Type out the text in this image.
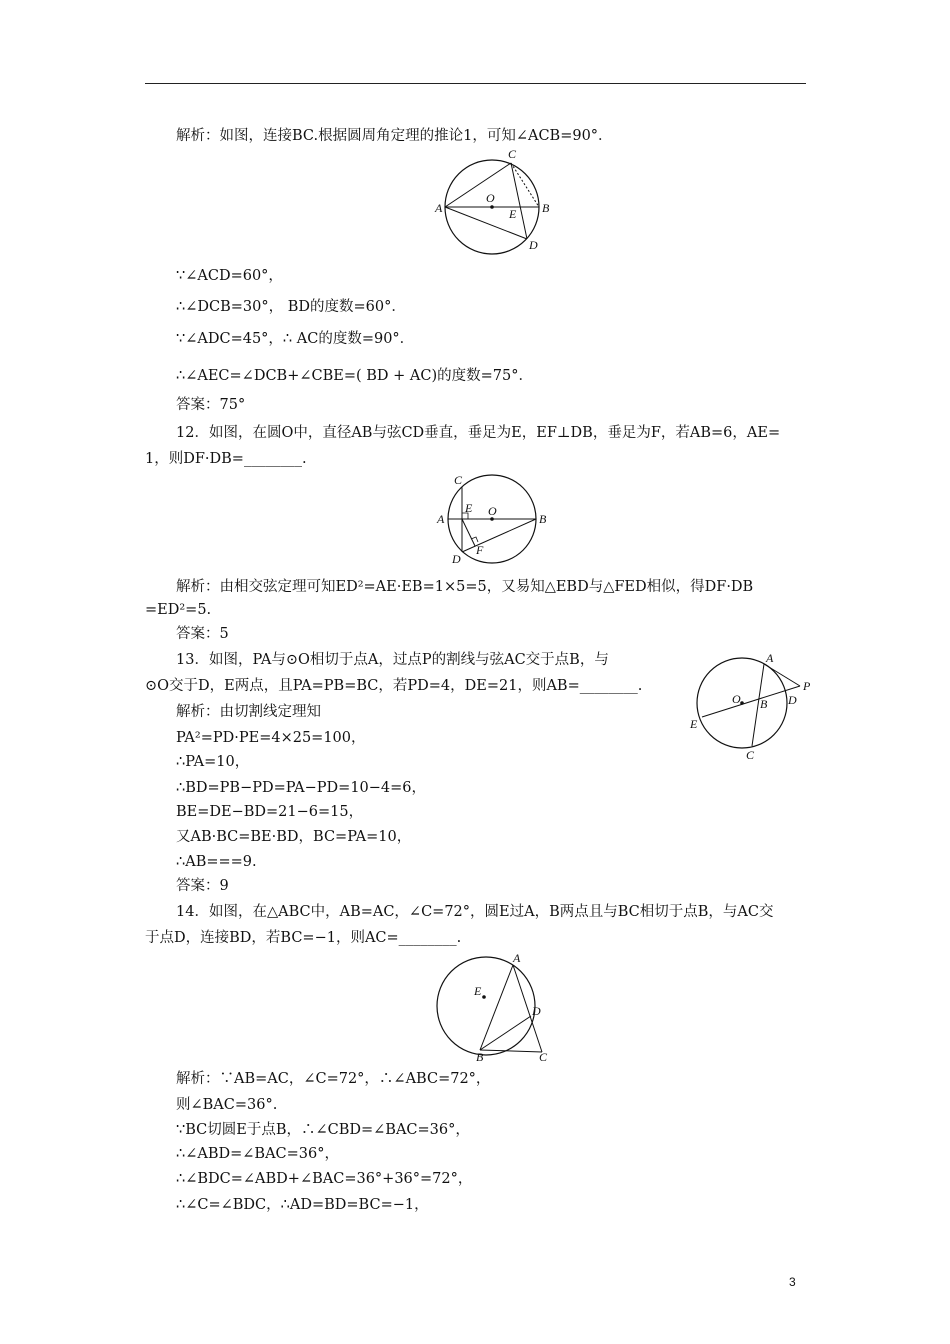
解析：如图，连接BC.根据圆周角定理的推论1，可知∠ACB=90°．
A	B
C
D
E
O
∵∠ACD=60°，
∴∠DCB=30°， BD的度数=60°．
∵∠ADC=45°，∴ AC的度数=90°．
∴∠AEC=∠DCB+∠CBE=( BD + AC)的度数=75°．
答案：75°
12．如图，在圆O中，直径AB与弦CD垂直，垂足为E，EF⊥DB，垂足为F，若AB=6，AE=
1，则DF·DB=________.
A	B
C
D
E
F
O
解析：由相交弦定理可知ED²=AE·EB=1×5=5，又易知△EBD与△FED相似，得DF·DB
=ED²=5.
答案：5
13．如图，PA与⊙O相切于点A，过点P的割线与弦AC交于点B，与
⊙O交于D，E两点，且PA=PB=BC，若PD=4，DE=21，则AB=________.
A
B
C
D
E
O
P
解析：由切割线定理知
PA²=PD·PE=4×25=100，
∴PA=10，
∴BD=PB−PD=PA−PD=10−4=6，
BE=DE−BD=21−6=15，
又AB·BC=BE·BD，BC=PA=10，
∴AB===9.
答案：9
14．如图，在△ABC中，AB=AC，∠C=72°，圆E过A，B两点且与BC相切于点B，与AC交
于点D，连接BD，若BC=−1，则AC=________.
A
B	C
D
E
解析：∵AB=AC，∠C=72°，∴∠ABC=72°，
则∠BAC=36°.
∵BC切圆E于点B，∴∠CBD=∠BAC=36°，
∴∠ABD=∠BAC=36°，
∴∠BDC=∠ABD+∠BAC=36°+36°=72°，
∴∠C=∠BDC，∴AD=BD=BC=−1，
3
